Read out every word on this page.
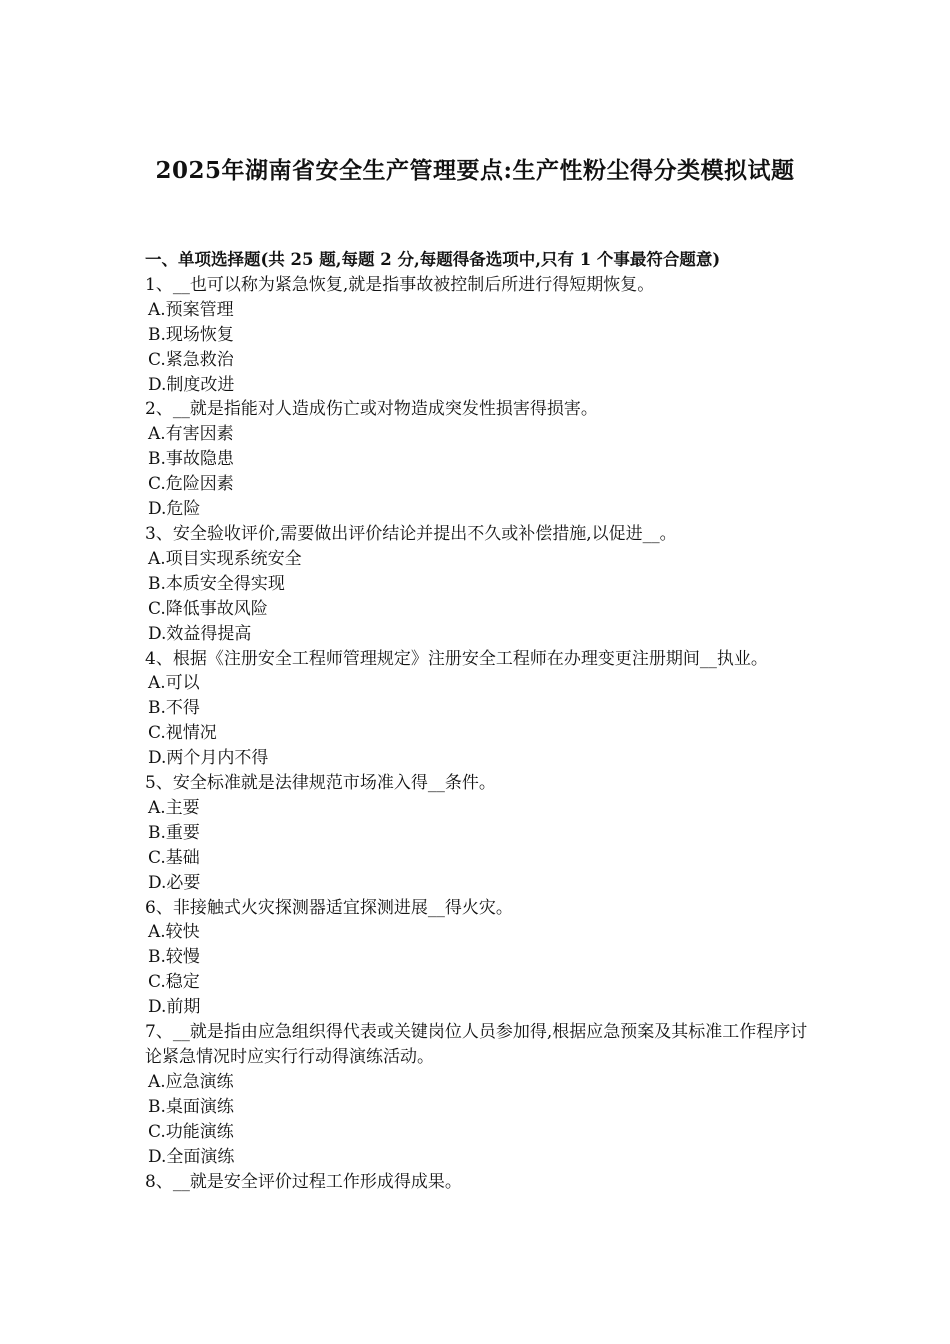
2025年湖南省安全生产管理要点:生产性粉尘得分类模拟试题
一、单项选择题(共 25 题,每题 2 分,每题得备选项中,只有 1 个事最符合题意)
1、__也可以称为紧急恢复,就是指事故被控制后所进行得短期恢复。
A.预案管理
B.现场恢复
C.紧急救治
D.制度改进
2、__就是指能对人造成伤亡或对物造成突发性损害得损害。
A.有害因素
B.事故隐患
C.危险因素
D.危险
3、安全验收评价,需要做出评价结论并提出不久或补偿措施,以促进__。
A.项目实现系统安全
B.本质安全得实现
C.降低事故风险
D.效益得提高
4、根据《注册安全工程师管理规定》注册安全工程师在办理变更注册期间__执业。
A.可以
B.不得
C.视情况
D.两个月内不得
5、安全标准就是法律规范市场准入得__条件。
A.主要
B.重要
C.基础
D.必要
6、非接触式火灾探测器适宜探测进展__得火灾。
A.较快
B.较慢
C.稳定
D.前期
7、__就是指由应急组织得代表或关键岗位人员参加得,根据应急预案及其标准工作程序讨论紧急情况时应实行行动得演练活动。
A.应急演练
B.桌面演练
C.功能演练
D.全面演练
8、__就是安全评价过程工作形成得成果。
